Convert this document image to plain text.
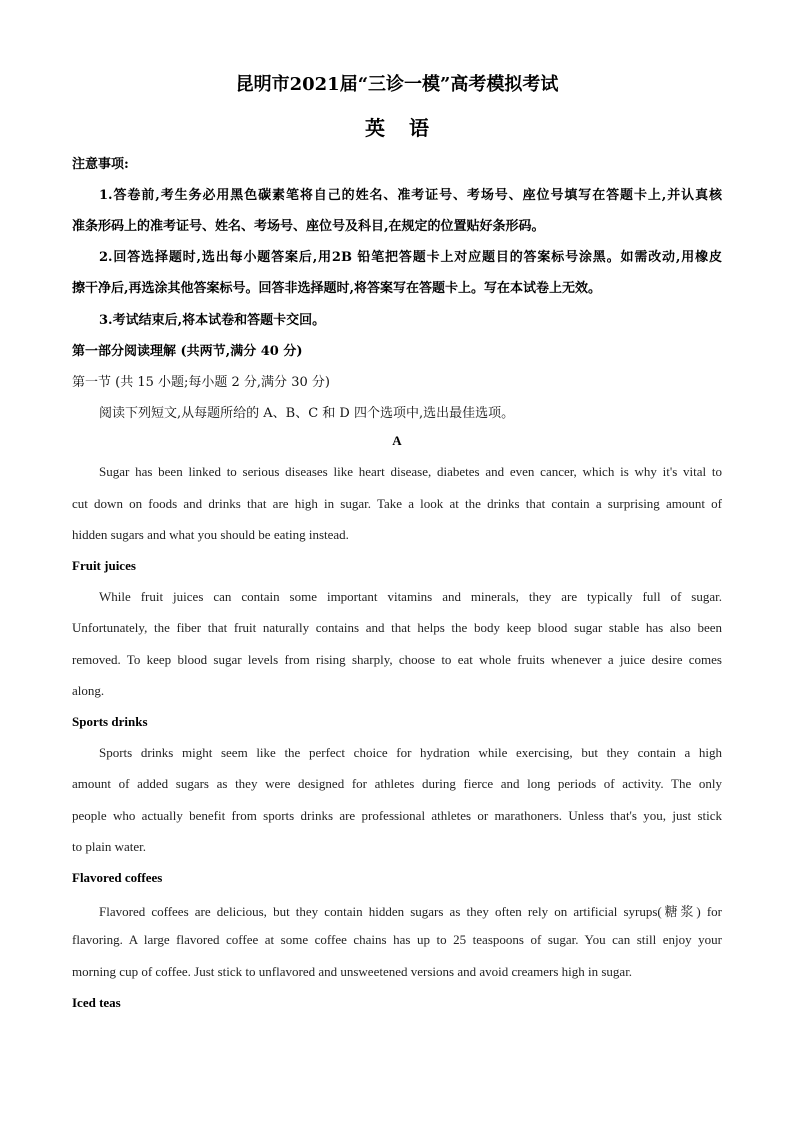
昆明市2021届“三诊一模”高考模拟考试
英语
注意事项:
1.答卷前,考生务必用黑色碳素笔将自己的姓名、准考证号、考场号、座位号填写在答题卡上,并认真核
准条形码上的准考证号、姓名、考场号、座位号及科目,在规定的位置贴好条形码。
2.回答选择题时,选出每小题答案后,用2B 铅笔把答题卡上对应题目的答案标号涂黑。如需改动,用橡皮
擦干净后,再选涂其他答案标号。回答非选择题时,将答案写在答题卡上。写在本试卷上无效。
3.考试结束后,将本试卷和答题卡交回。
第一部分阅读理解 (共两节,满分 40 分)
第一节 (共 15 小题;每小题 2 分,满分 30 分)
阅读下列短文,从每题所给的 A、B、C 和 D 四个选项中,选出最佳选项。
A
Sugar has been linked to serious diseases like heart disease, diabetes and even cancer, which is why it's vital to
cut down on foods and drinks that are high in sugar. Take a look at the drinks that contain a surprising amount of
hidden sugars and what you should be eating instead.
Fruit juices
While fruit juices can contain some important vitamins and minerals, they are typically full of sugar.
Unfortunately, the fiber that fruit naturally contains and that helps the body keep blood sugar stable has also been
removed. To keep blood sugar levels from rising sharply, choose to eat whole fruits whenever a juice desire comes
along.
Sports drinks
Sports drinks might seem like the perfect choice for hydration while exercising, but they contain a high
amount of added sugars as they were designed for athletes during fierce and long periods of activity. The only
people who actually benefit from sports drinks are professional athletes or marathoners. Unless that's you, just stick
to plain water.
Flavored coffees
Flavored coffees are delicious, but they contain hidden sugars as they often rely on artificial syrups(糖浆) for
flavoring. A large flavored coffee at some coffee chains has up to 25 teaspoons of sugar. You can still enjoy your
morning cup of coffee. Just stick to unflavored and unsweetened versions and avoid creamers high in sugar.
Iced teas
